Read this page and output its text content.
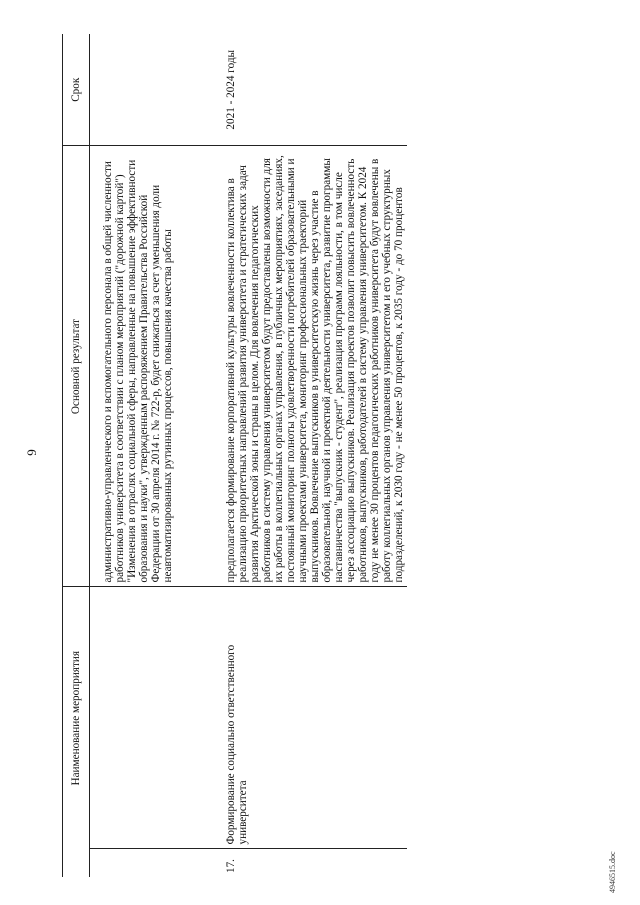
9
	Наименование мероприятия	Основной результат	Срок
		административно-управленческого и вспомогательного персонала в общей численности работников университета в соответствии с планом мероприятий ("дорожной картой") "Изменения в отраслях социальной сферы, направленные на повышение эффективности образования и науки", утвержденным распоряжением Правительства Российской Федерации от 30 апреля 2014 г. № 722-р, будет снижаться за счет уменьшения доли неавтоматизированных рутинных процессов, повышения качества работы	
17.	Формирование социально ответственного университета	предполагается формирование корпоративной культуры вовлеченности коллектива в реализацию приоритетных направлений развития университета и стратегических задач развития Арктической зоны и страны в целом. Для вовлечения педагогических работников в систему управления университетом будут предоставлены возможности для их работы в коллегиальных органах управления, в публичных мероприятиях, заседаниях, постоянный мониторинг полноты удовлетворенности потребителей образовательными и научными проектами университета, мониторинг профессиональных траекторий выпускников. Вовлечение выпускников в университетскую жизнь через участие в образовательной, научной и проектной деятельности университета, развитие программы наставничества "выпускник - студент", реализация программ лояльности, в том числе через ассоциацию выпускников. Реализация проектов позволит повысить вовлеченность работников, выпускников, работодателей в систему управления университетом. К 2024 году не менее 30 процентов педагогических работников университета будут вовлечены в работу коллегиальных органов управления университетом и его учебных структурных подразделений, к 2030 году - не менее 50 процентов, к 2035 году - до 70 процентов	2021 - 2024 годы
4946515.doc
